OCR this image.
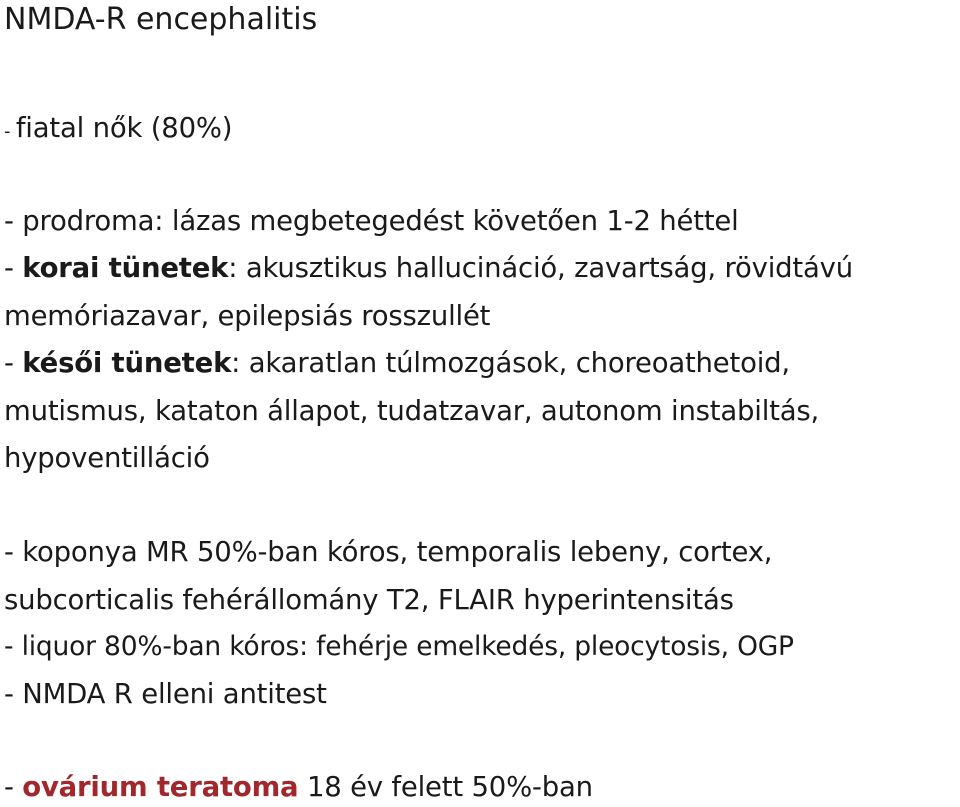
NMDA-R encephalitis
- fiatal nők (80%)
- prodroma: lázas megbetegedést követően 1-2 héttel
- korai tünetek: akusztikus hallucináció, zavartság, rövidtávú
memóriazavar, epilepsiás rosszullét
- késői tünetek: akaratlan túlmozgások, choreoathetoid,
mutismus, kataton állapot, tudatzavar, autonom instabiltás,
hypoventilláció
- koponya MR 50%-ban kóros, temporalis lebeny, cortex,
subcorticalis fehérállomány T2, FLAIR hyperintensitás
- liquor 80%-ban kóros: fehérje emelkedés, pleocytosis, OGP
- NMDA R elleni antitest
- ovárium teratoma 18 év felett 50%-ban
